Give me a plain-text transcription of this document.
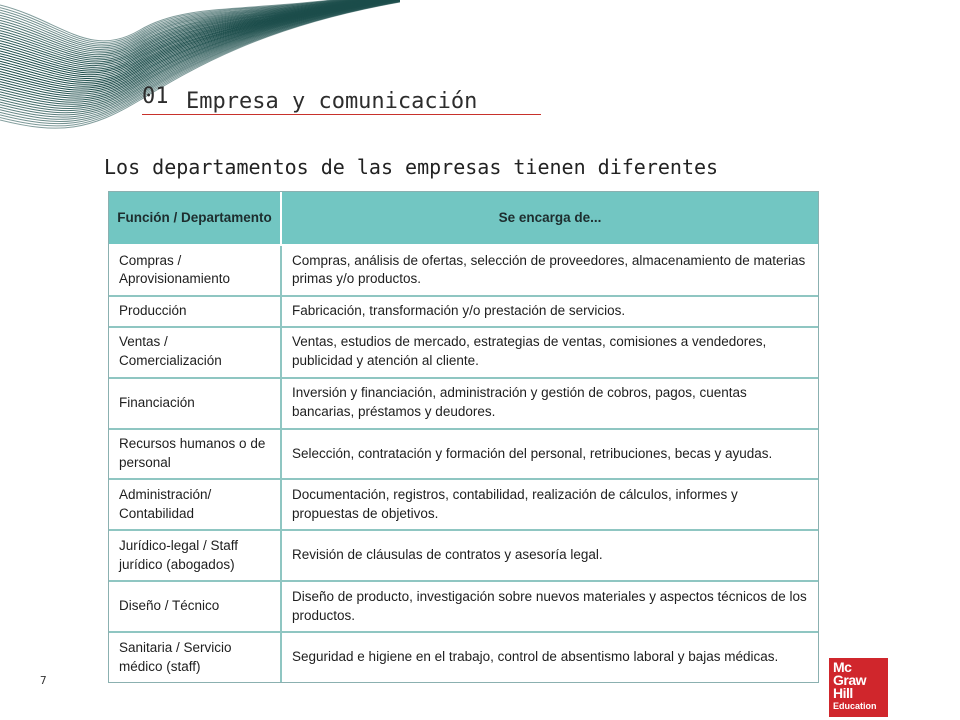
01 Empresa y comunicación
Los departamentos de las empresas tienen diferentes
Función / Departamento	Se encarga de...
Compras / Aprovisionamiento	Compras, análisis de ofertas, selección de proveedores, almacenamiento de materias primas y/o productos.
Producción	Fabricación, transformación y/o prestación de servicios.
Ventas / Comercialización	Ventas, estudios de mercado, estrategias de ventas, comisiones a vendedores, publicidad y atención al cliente.
Financiación	Inversión y financiación, administración y gestión de cobros, pagos, cuentas bancarias, préstamos y deudores.
Recursos humanos o de personal	Selección, contratación y formación del personal, retribuciones, becas y ayudas.
Administración/ Contabilidad	Documentación, registros, contabilidad, realización de cálculos, informes y propuestas de objetivos.
Jurídico-legal / Staff jurídico (abogados)	Revisión de cláusulas de contratos y asesoría legal.
Diseño / Técnico	Diseño de producto, investigación sobre nuevos materiales y aspectos técnicos de los productos.
Sanitaria / Servicio médico (staff)	Seguridad e higiene en el trabajo, control de absentismo laboral y bajas médicas.
7
Mc
Graw
Hill
Education
